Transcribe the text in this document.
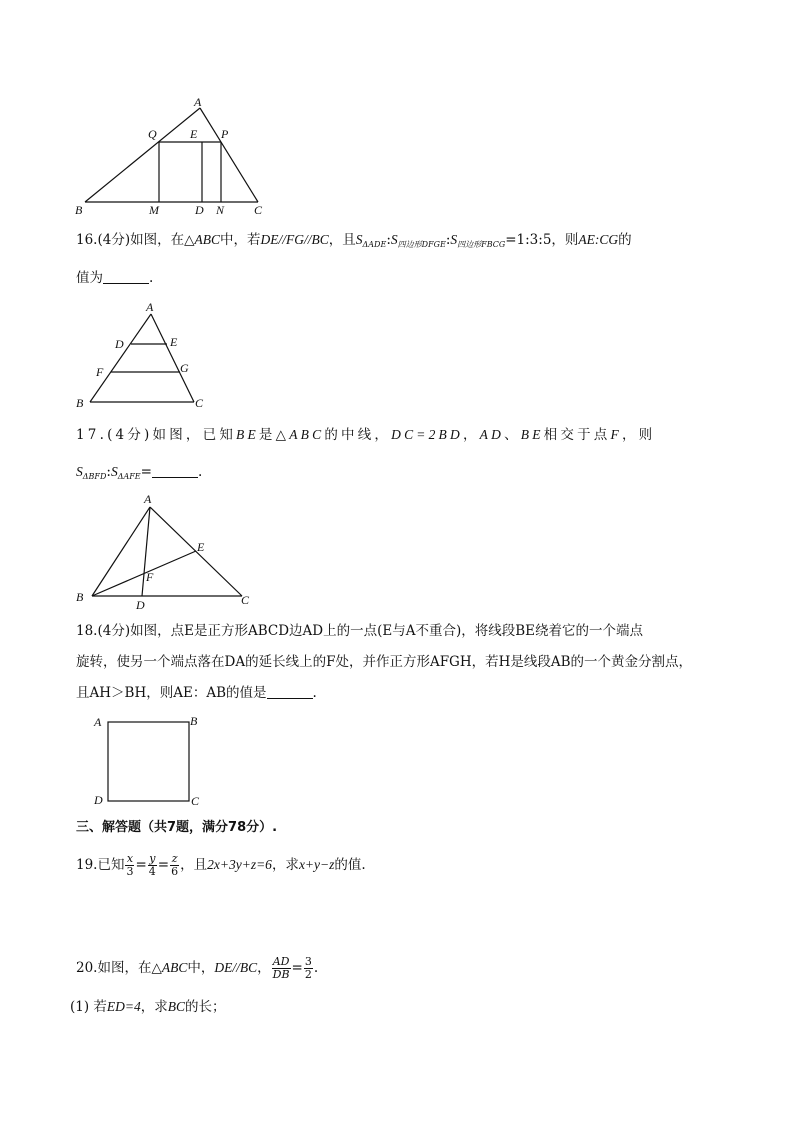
A
Q	E P
B	M	D N C
16.(4分)如图，在△ABC中，若DE//FG//BC，且$S_{\Delta ADE}:S_{四边形DFGE}:S_{四边形FBCG}=1:3:5$，则AE:CG的
值为	.
A
D	E
F	G
B	C
17.(4分)如图，已知BE是△ABC的中线，DC=2BD，AD、BE相交于点F，则
$S_{\Delta BFD}:S_{\Delta AFE}=$	.
A
E
F
B
D	C
18.(4分)如图，点E是正方形ABCD边AD上的一点(E与A不重合)，将线段BE绕着它的一个端点
旋转，使另一个端点落在DA的延长线上的F处，并作正方形AFGH，若H是线段AB的一个黄金分割点，
且AH＞BH，则AE：AB的值是	.
A	B
D	C
三、解答题（共7题，满分78分）.
19.已知 $\frac{x}{3} = \frac{y}{4} = \frac{z}{6}$ ，且2x+3y+z=6，求x+y−z的值.
20.如图，在△ABC中，DE//BC， $\frac{AD}{DB} = \frac{3}{2}$ .
(1) 若ED=4，求BC的长；
